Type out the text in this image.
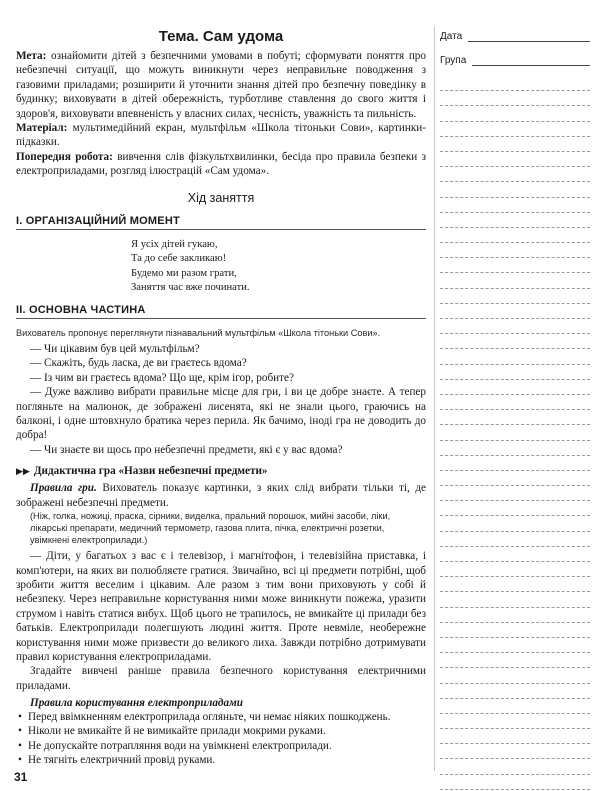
Тема. Сам удома

Мета: ознайомити дітей з безпечними умовами в побуті; сформувати поняття про небезпечні ситуації, що можуть виникнути через неправильне поводження з газовими приладами; розширити й уточнити знання дітей про безпечну поведінку в будинку; виховувати в дітей обережність, турботливе ставлення до свого життя і здоров'я, виховувати впевненість у власних силах, чесність, уважність та пильність.

Матеріал: мультимедійний екран, мультфільм «Школа тітоньки Сови», картинки-підказки.

Попередня робота: вивчення слів фізкультхвилинки, бесіда про правила безпеки з електроприладами, розгляд ілюстрацій «Сам удома».

Хід заняття
І. ОРГАНІЗАЦІЙНИЙ МОМЕНТ
Я усіх дітей гукаю,
Та до себе закликаю!
Будемо ми разом грати,
Заняття час вже починати.
ІІ. ОСНОВНА ЧАСТИНА

Вихователь пропонує переглянути пізнавальний мультфільм «Школа тітоньки Сови».

— Чи цікавим був цей мультфільм?

— Скажіть, будь ласка, де ви граєтесь вдома?

— Із чим ви граєтесь вдома? Що ще, крім ігор, робите?

— Дуже важливо вибрати правильне місце для гри, і ви це добре знаєте. А тепер погляньте на малюнок, де зображені лисенята, які не знали цього, граючись на балконі, і одне штовхнуло братика через перила. Як бачимо, іноді гра не доводить до добра!

— Чи знаєте ви щось про небезпечні предмети, які є у вас вдома?

▶▶ Дидактична гра «Назви небезпечні предмети»

Правила гри. Вихователь показує картинки, з яких слід вибрати тільки ті, де зображені небезпечні предмети.

(Ніж, голка, ножиці, праска, сірники, виделка, пральний порошок, мийні засоби, ліки, лікарські препарати, медичний термометр, газова плита, пічка, електричні розетки, увімкнені електроприлади.)

— Діти, у багатьох з вас є і телевізор, і магнітофон, і телевізійна приставка, і комп'ютери, на яких ви полюбляєте гратися. Звичайно, всі ці предмети потрібні, щоб зробити життя веселим і цікавим. Але разом з тим вони приховують у собі й небезпеку. Через неправильне користування ними може виникнути пожежа, уразити струмом і навіть статися вибух. Щоб цього не трапилось, не вмикайте ці прилади без батьків. Електроприлади полегшують людині життя. Проте невміле, необережне користування ними може призвести до великого лиха. Завжди потрібно дотримувати правил користування електроприладами.

Згадайте вивчені раніше правила безпечного користування електричними приладами.

Правила користування електроприладами
• Перед ввімкненням електроприлада огляньте, чи немає ніяких пошкоджень.
• Ніколи не вмикайте й не вимикайте прилади мокрими руками.
• Не допускайте потрапляння води на увімкнені електроприлади.
• Не тягніть електричний провід руками.
Дата
Група
31
